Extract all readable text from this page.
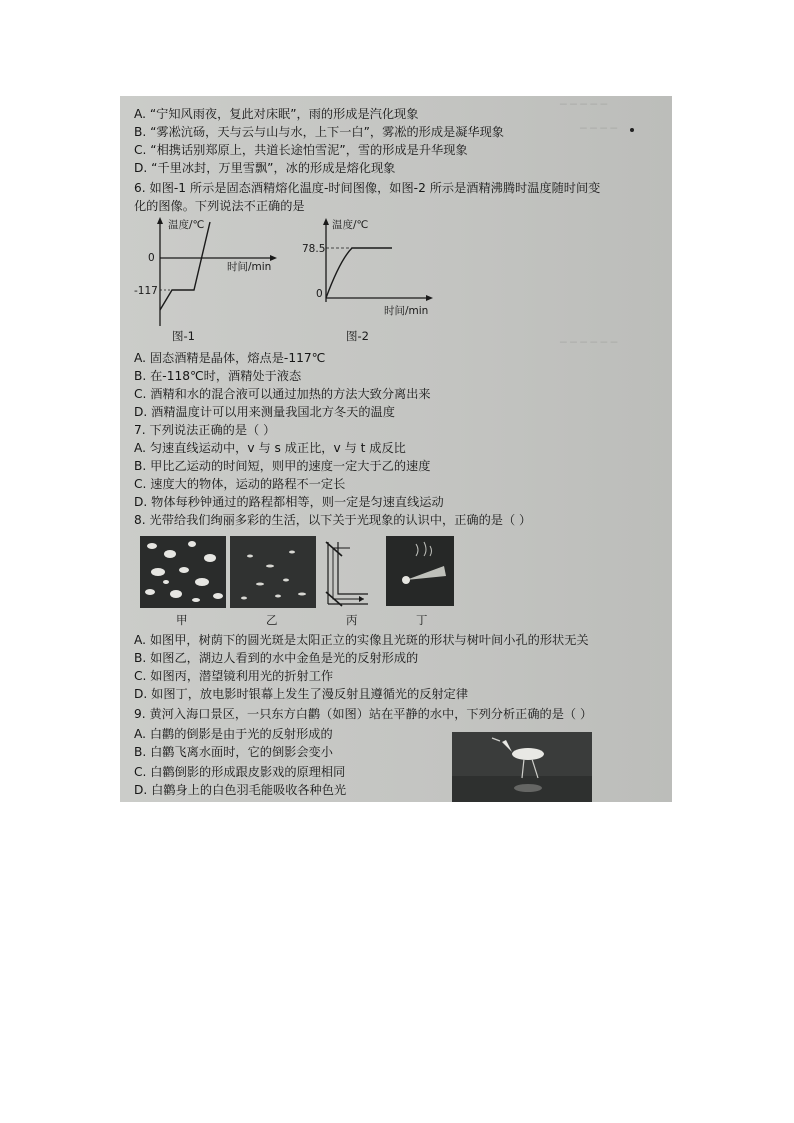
─ ─ ─ ─ ─
─ ─ ─ ─
─ ─ ─ ─ ─ ─
A. “宁知风雨夜，复此对床眠”，雨的形成是汽化现象
B. “雾凇沆砀，天与云与山与水，上下一白”，雾凇的形成是凝华现象
C. “相携话别郑原上，共道长途怕雪泥”，雪的形成是升华现象
D. “千里冰封，万里雪飘”，冰的形成是熔化现象
6. 如图-1 所示是固态酒精熔化温度-时间图像，如图-2 所示是酒精沸腾时温度随时间变
化的图像。下列说法不正确的是
温度/℃
时间/min
0
-117
图-1
温度/℃
78.5
0
时间/min
图-2
A. 固态酒精是晶体，熔点是-117℃
B. 在-118℃时，酒精处于液态
C. 酒精和水的混合液可以通过加热的方法大致分离出来
D. 酒精温度计可以用来测量我国北方冬天的温度
7. 下列说法正确的是（ ）
A. 匀速直线运动中，v 与 s 成正比，v 与 t 成反比
B. 甲比乙运动的时间短，则甲的速度一定大于乙的速度
C. 速度大的物体，运动的路程不一定长
D. 物体每秒钟通过的路程都相等，则一定是匀速直线运动
8. 光带给我们绚丽多彩的生活，以下关于光现象的认识中，正确的是（ ）
甲	乙	丙	丁
A. 如图甲，树荫下的圆光斑是太阳正立的实像且光斑的形状与树叶间小孔的形状无关
B. 如图乙，湖边人看到的水中金鱼是光的反射形成的
C. 如图丙，潜望镜利用光的折射工作
D. 如图丁，放电影时银幕上发生了漫反射且遵循光的反射定律
9. 黄河入海口景区，一只东方白鹳（如图）站在平静的水中，下列分析正确的是（ ）
A. 白鹳的倒影是由于光的反射形成的
B. 白鹳飞离水面时，它的倒影会变小
C. 白鹳倒影的形成跟皮影戏的原理相同
D. 白鹳身上的白色羽毛能吸收各种色光
